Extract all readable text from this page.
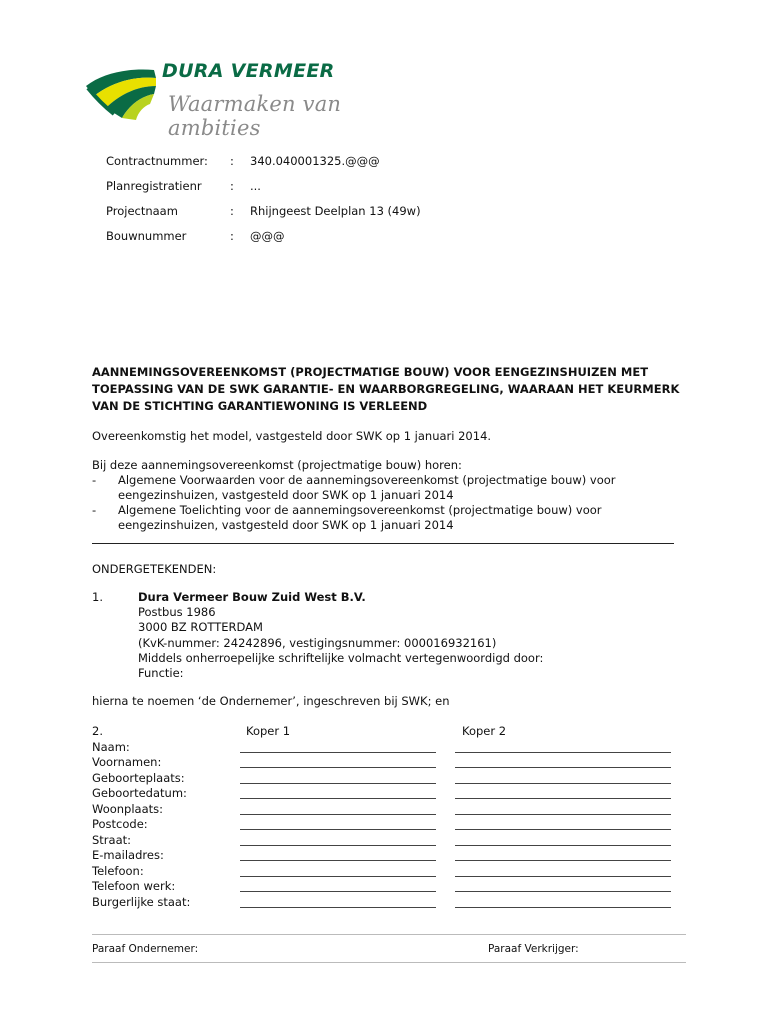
DURA VERMEER
Waarmaken van ambities
Contractnummer:	:	340.040001325.@@@
Planregistratienr	:	...
Projectnaam	:	Rhijngeest Deelplan 13 (49w)
Bouwnummer	:	@@@
AANNEMINGSOVEREENKOMST (PROJECTMATIGE BOUW) VOOR EENGEZINSHUIZEN MET
TOEPASSING VAN DE SWK GARANTIE- EN WAARBORGREGELING, WAARAAN HET KEURMERK
VAN DE STICHTING GARANTIEWONING IS VERLEEND
Overeenkomstig het model, vastgesteld door SWK op 1 januari 2014.
Bij deze aannemingsovereenkomst (projectmatige bouw) horen:
-	Algemene Voorwaarden voor de aannemingsovereenkomst (projectmatige bouw) voor
eengezinshuizen, vastgesteld door SWK op 1 januari 2014
-	Algemene Toelichting voor de aannemingsovereenkomst (projectmatige bouw) voor
eengezinshuizen, vastgesteld door SWK op 1 januari 2014
ONDERGETEKENDEN:
1.	Dura Vermeer Bouw Zuid West B.V.
Postbus 1986
3000 BZ ROTTERDAM
(KvK-nummer: 24242896, vestigingsnummer: 000016932161)
Middels onherroepelijke schriftelijke volmacht vertegenwoordigd door:
Functie:
hierna te noemen ‘de Ondernemer’, ingeschreven bij SWK; en
2.	Koper 1	Koper 2
Naam:
Voornamen:
Geboorteplaats:
Geboortedatum:
Woonplaats:
Postcode:
Straat:
E-mailadres:
Telefoon:
Telefoon werk:
Burgerlijke staat:
Paraaf Ondernemer:	Paraaf Verkrijger:
